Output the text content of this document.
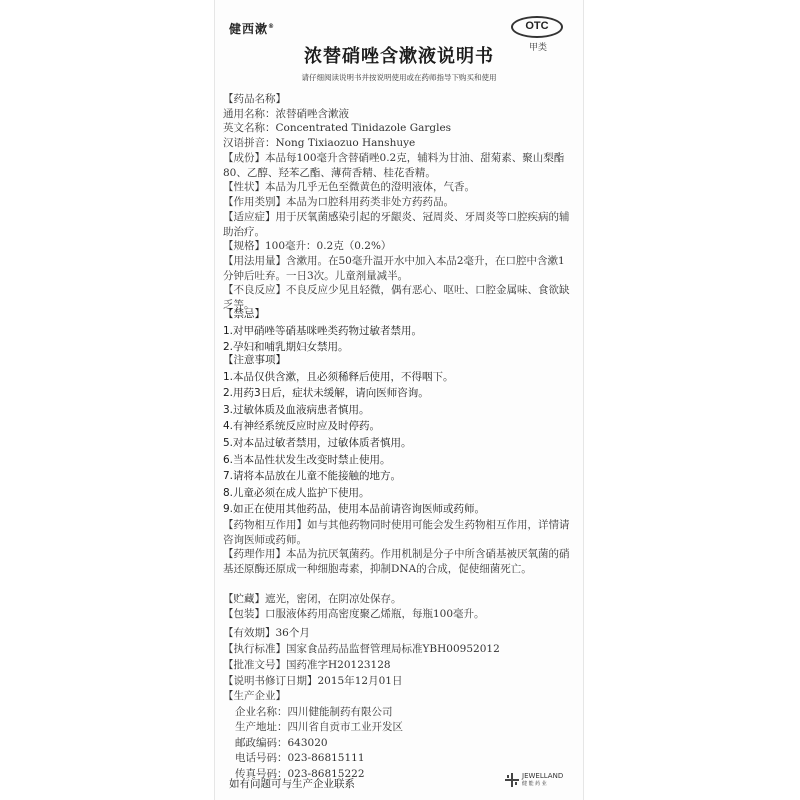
健西漱®	OTC
甲类
浓替硝唑含漱液说明书
请仔细阅读说明书并按说明使用或在药师指导下购买和使用
【药品名称】
通用名称：浓替硝唑含漱液
英文名称：Concentrated Tinidazole Gargles
汉语拼音：Nong Tixiaozuo Hanshuye
【成份】本品每100毫升含替硝唑0.2克，辅料为甘油、甜菊素、聚山梨酯80、乙醇、羟苯乙酯、薄荷香精、桂花香精。
【性状】本品为几乎无色至微黄色的澄明液体，气香。
【作用类别】本品为口腔科用药类非处方药药品。
【适应症】用于厌氧菌感染引起的牙龈炎、冠周炎、牙周炎等口腔疾病的辅助治疗。
【规格】100毫升：0.2克（0.2%）
【用法用量】含漱用。在50毫升温开水中加入本品2毫升，在口腔中含漱1分钟后吐弃。一日3次。儿童剂量减半。
【不良反应】不良反应少见且轻微，偶有恶心、呕吐、口腔金属味、食欲缺乏等。
【禁忌】
1.对甲硝唑等硝基咪唑类药物过敏者禁用。
2.孕妇和哺乳期妇女禁用。
【注意事项】
1.本品仅供含漱，且必须稀释后使用，不得咽下。
2.用药3日后，症状未缓解，请向医师咨询。
3.过敏体质及血液病患者慎用。
4.有神经系统反应时应及时停药。
5.对本品过敏者禁用，过敏体质者慎用。
6.当本品性状发生改变时禁止使用。
7.请将本品放在儿童不能接触的地方。
8.儿童必须在成人监护下使用。
9.如正在使用其他药品，使用本品前请咨询医师或药师。
【药物相互作用】如与其他药物同时使用可能会发生药物相互作用，详情请咨询医师或药师。
【药理作用】本品为抗厌氧菌药。作用机制是分子中所含硝基被厌氧菌的硝基还原酶还原成一种细胞毒素，抑制DNA的合成，促使细菌死亡。
【贮藏】遮光，密闭，在阴凉处保存。
【包装】口服液体药用高密度聚乙烯瓶，每瓶100毫升。
【有效期】36个月
【执行标准】国家食品药品监督管理局标准YBH00952012
【批准文号】国药准字H20123128
【说明书修订日期】2015年12月01日
【生产企业】
企业名称：四川健能制药有限公司
生产地址：四川省自贡市工业开发区
邮政编码：643020
电话号码：023-86815111
传真号码：023-86815222
如有问题可与生产企业联系
JEWELLAND
健 能 药 业
